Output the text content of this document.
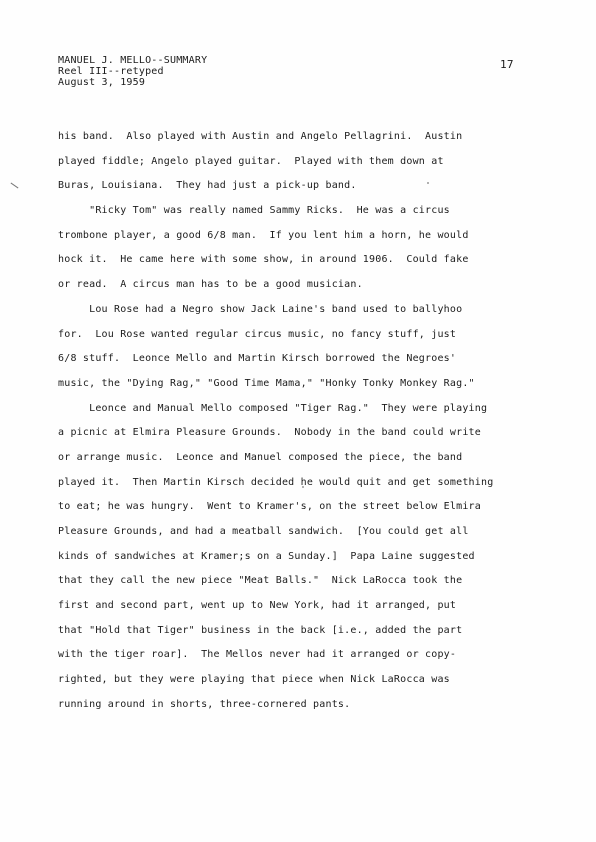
MANUEL J. MELLO--SUMMARY
Reel III--retyped
August 3, 1959
17
his band.  Also played with Austin and Angelo Pellagrini.  Austin
played fiddle; Angelo played guitar.  Played with them down at
Buras, Louisiana.  They had just a pick-up band.
"Ricky Tom" was really named Sammy Ricks.  He was a circus
trombone player, a good 6/8 man.  If you lent him a horn, he would
hock it.  He came here with some show, in around 1906.  Could fake
or read.  A circus man has to be a good musician.
Lou Rose had a Negro show Jack Laine's band used to ballyhoo
for.  Lou Rose wanted regular circus music, no fancy stuff, just
6/8 stuff.  Leonce Mello and Martin Kirsch borrowed the Negroes'
music, the "Dying Rag," "Good Time Mama," "Honky Tonky Monkey Rag."
Leonce and Manual Mello composed "Tiger Rag."  They were playing
a picnic at Elmira Pleasure Grounds.  Nobody in the band could write
or arrange music.  Leonce and Manuel composed the piece, the band
played it.  Then Martin Kirsch decided he would quit and get something
to eat; he was hungry.  Went to Kramer's, on the street below Elmira
Pleasure Grounds, and had a meatball sandwich.  [You could get all
kinds of sandwiches at Kramer;s on a Sunday.]  Papa Laine suggested
that they call the new piece "Meat Balls."  Nick LaRocca took the
first and second part, went up to New York, had it arranged, put
that "Hold that Tiger" business in the back [i.e., added the part
with the tiger roar].  The Mellos never had it arranged or copy-
righted, but they were playing that piece when Nick LaRocca was
running around in shorts, three-cornered pants.
